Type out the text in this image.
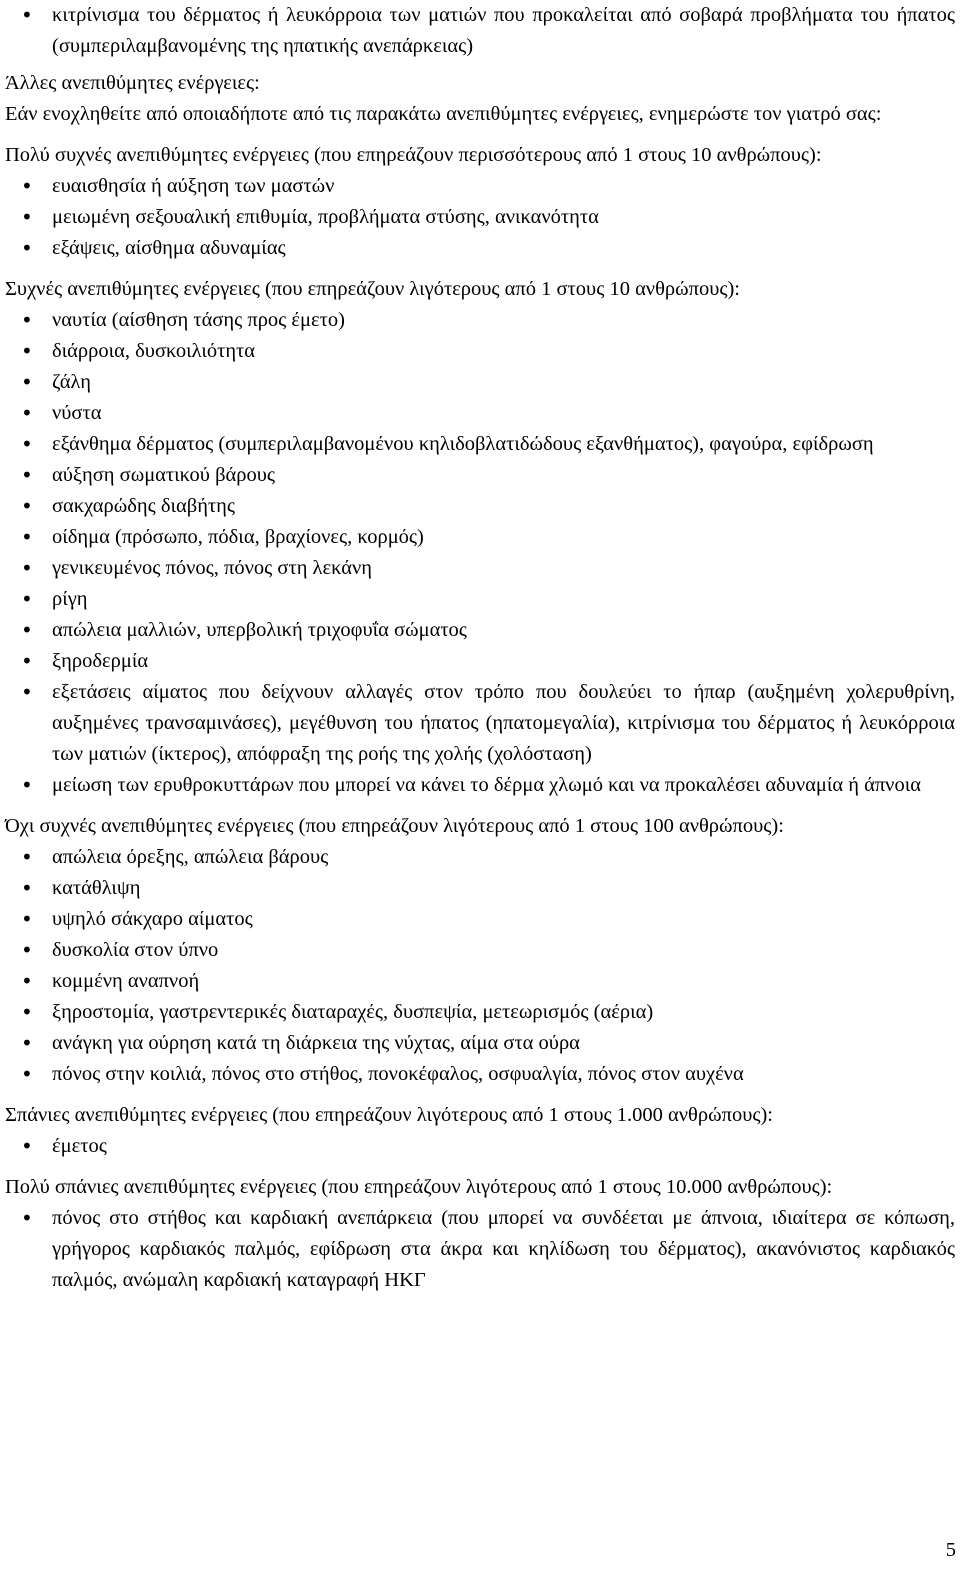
• κιτρίνισμα του δέρματος ή λευκόρροια των ματιών που προκαλείται από σοβαρά προβλήματα του ήπατος (συμπεριλαμβανομένης της ηπατικής ανεπάρκειας)

Άλλες ανεπιθύμητες ενέργειες:

Εάν ενοχληθείτε από οποιαδήποτε από τις παρακάτω ανεπιθύμητες ενέργειες, ενημερώστε τον γιατρό σας:

Πολύ συχνές ανεπιθύμητες ενέργειες (που επηρεάζουν περισσότερους από 1 στους 10 ανθρώπους):

• ευαισθησία ή αύξηση των μαστών
• μειωμένη σεξουαλική επιθυμία, προβλήματα στύσης, ανικανότητα
• εξάψεις, αίσθημα αδυναμίας

Συχνές ανεπιθύμητες ενέργειες (που επηρεάζουν λιγότερους από 1 στους 10 ανθρώπους):

• ναυτία (αίσθηση τάσης προς έμετο)
• διάρροια, δυσκοιλιότητα
• ζάλη
• νύστα
• εξάνθημα δέρματος (συμπεριλαμβανομένου κηλιδοβλατιδώδους εξανθήματος), φαγούρα, εφίδρωση
• αύξηση σωματικού βάρους
• σακχαρώδης διαβήτης
• οίδημα (πρόσωπο, πόδια, βραχίονες, κορμός)
• γενικευμένος πόνος, πόνος στη λεκάνη
• ρίγη
• απώλεια μαλλιών, υπερβολική τριχοφυΐα σώματος
• ξηροδερμία
• εξετάσεις αίματος που δείχνουν αλλαγές στον τρόπο που δουλεύει το ήπαρ (αυξημένη χολερυθρίνη, αυξημένες τρανσαμινάσες), μεγέθυνση του ήπατος (ηπατομεγαλία), κιτρίνισμα του δέρματος ή λευκόρροια των ματιών (ίκτερος), απόφραξη της ροής της χολής (χολόσταση)
• μείωση των ερυθροκυττάρων που μπορεί να κάνει το δέρμα χλωμό και να προκαλέσει αδυναμία ή άπνοια

Όχι συχνές ανεπιθύμητες ενέργειες (που επηρεάζουν λιγότερους από 1 στους 100 ανθρώπους):

• απώλεια όρεξης, απώλεια βάρους
• κατάθλιψη
• υψηλό σάκχαρο αίματος
• δυσκολία στον ύπνο
• κομμένη αναπνοή
• ξηροστομία, γαστρεντερικές διαταραχές, δυσπεψία, μετεωρισμός (αέρια)
• ανάγκη για ούρηση κατά τη διάρκεια της νύχτας, αίμα στα ούρα
• πόνος στην κοιλιά, πόνος στο στήθος, πονοκέφαλος, οσφυαλγία, πόνος στον αυχένα

Σπάνιες ανεπιθύμητες ενέργειες (που επηρεάζουν λιγότερους από 1 στους 1.000 ανθρώπους):

• έμετος

Πολύ σπάνιες ανεπιθύμητες ενέργειες (που επηρεάζουν λιγότερους από 1 στους 10.000 ανθρώπους):

• πόνος στο στήθος και καρδιακή ανεπάρκεια (που μπορεί να συνδέεται με άπνοια, ιδιαίτερα σε κόπωση, γρήγορος καρδιακός παλμός, εφίδρωση στα άκρα και κηλίδωση του δέρματος), ακανόνιστος καρδιακός παλμός, ανώμαλη καρδιακή καταγραφή ΗΚΓ
5
